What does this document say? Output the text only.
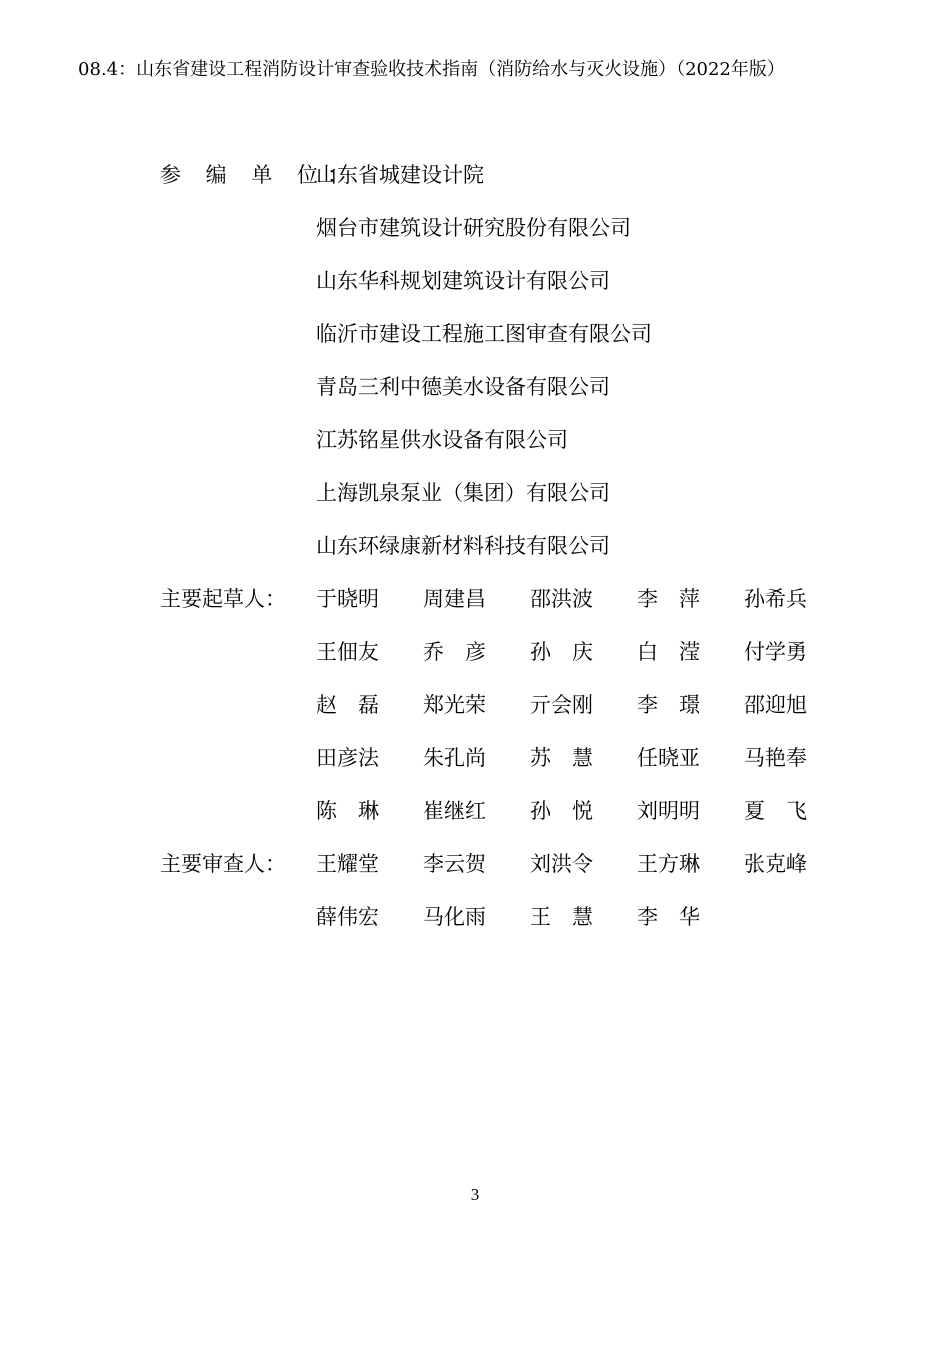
08.4：山东省建设工程消防设计审查验收技术指南（消防给水与灭火设施）（2022年版）
参 编 单 位：
山东省城建设计院
烟台市建筑设计研究股份有限公司
山东华科规划建筑设计有限公司
临沂市建设工程施工图审查有限公司
青岛三利中德美水设备有限公司
江苏铭星供水设备有限公司
上海凯泉泵业（集团）有限公司
山东环绿康新材料科技有限公司
主要起草人： 于晓明	周建昌	邵洪波	李　萍	孙希兵
王佃友	乔　彦	孙　庆	白　滢	付学勇
赵　磊	郑光荣	亓会刚	李　璟	邵迎旭
田彦法	朱孔尚	苏　慧	任晓亚	马艳奉
陈　琳	崔继红	孙　悦	刘明明	夏　飞
主要审查人： 王耀堂	李云贺	刘洪令	王方琳	张克峰
薛伟宏	马化雨	王　慧	李　华
3
